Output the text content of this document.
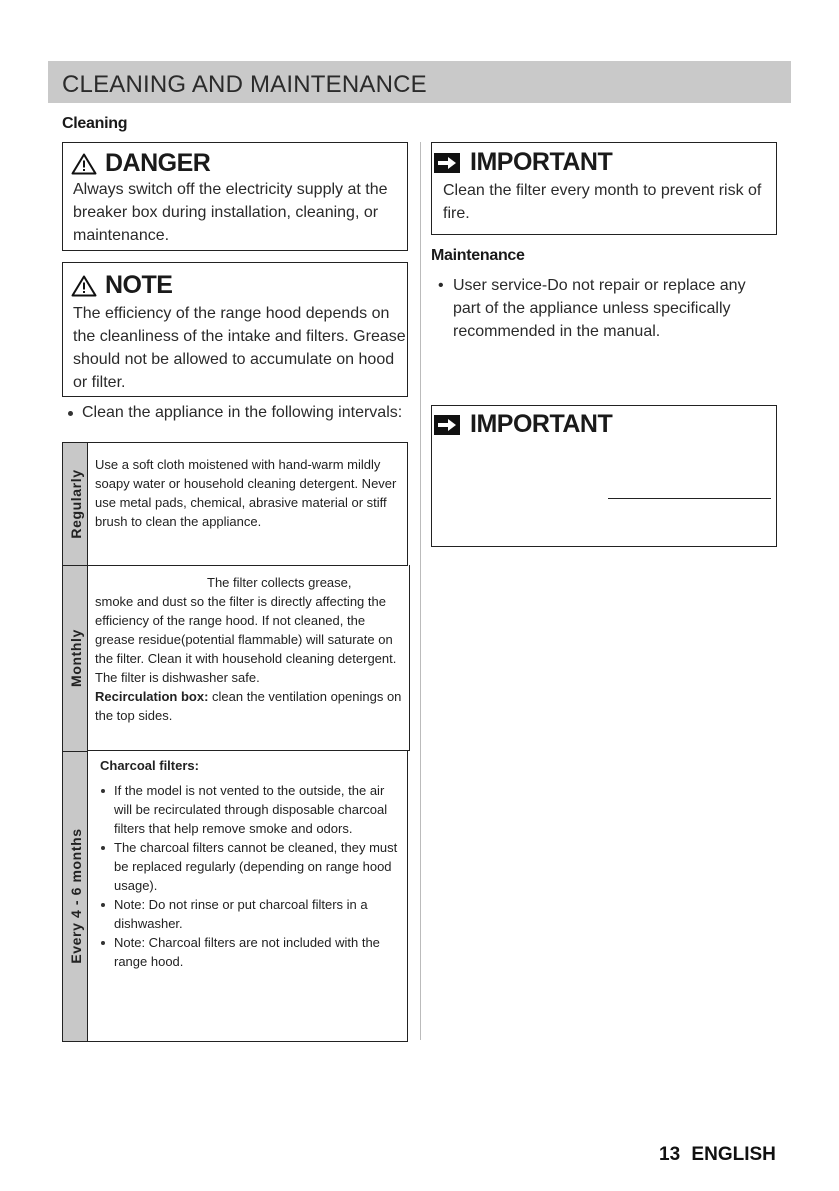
CLEANING AND MAINTENANCE
Cleaning
DANGER
Always switch off the electricity supply at the breaker box during installation, cleaning, or maintenance.
NOTE
The efficiency of the range hood depends on the cleanliness of the intake and filters. Grease should not be allowed to accumulate on hood or filter.
Clean the appliance in the following intervals:
Regularly
Use a soft cloth moistened with hand-warm mildly soapy water or household cleaning detergent. Never use metal pads, chemical, abrasive material or stiff brush to clean the appliance.
Monthly
The filter collects grease,
smoke and dust so the filter is directly affecting the efficiency of the range hood. If not cleaned, the grease residue(potential flammable) will saturate on the filter. Clean it with household cleaning detergent. The filter is dishwasher safe.
Recirculation box: clean the ventilation openings on the top sides.
Every 4 - 6 months
Charcoal filters:
If the model is not vented to the outside, the air will be recirculated through disposable charcoal filters that help remove smoke and odors.
The charcoal filters cannot be cleaned, they must be replaced regularly (depending on range hood usage).
Note: Do not rinse or put charcoal filters in a dishwasher.
Note: Charcoal filters are not included with the range hood.
IMPORTANT
Clean the filter every month to prevent risk of fire.
Maintenance
• User service-Do not repair or replace any part of the appliance unless specifically recommended in the manual.
IMPORTANT
13 ENGLISH
